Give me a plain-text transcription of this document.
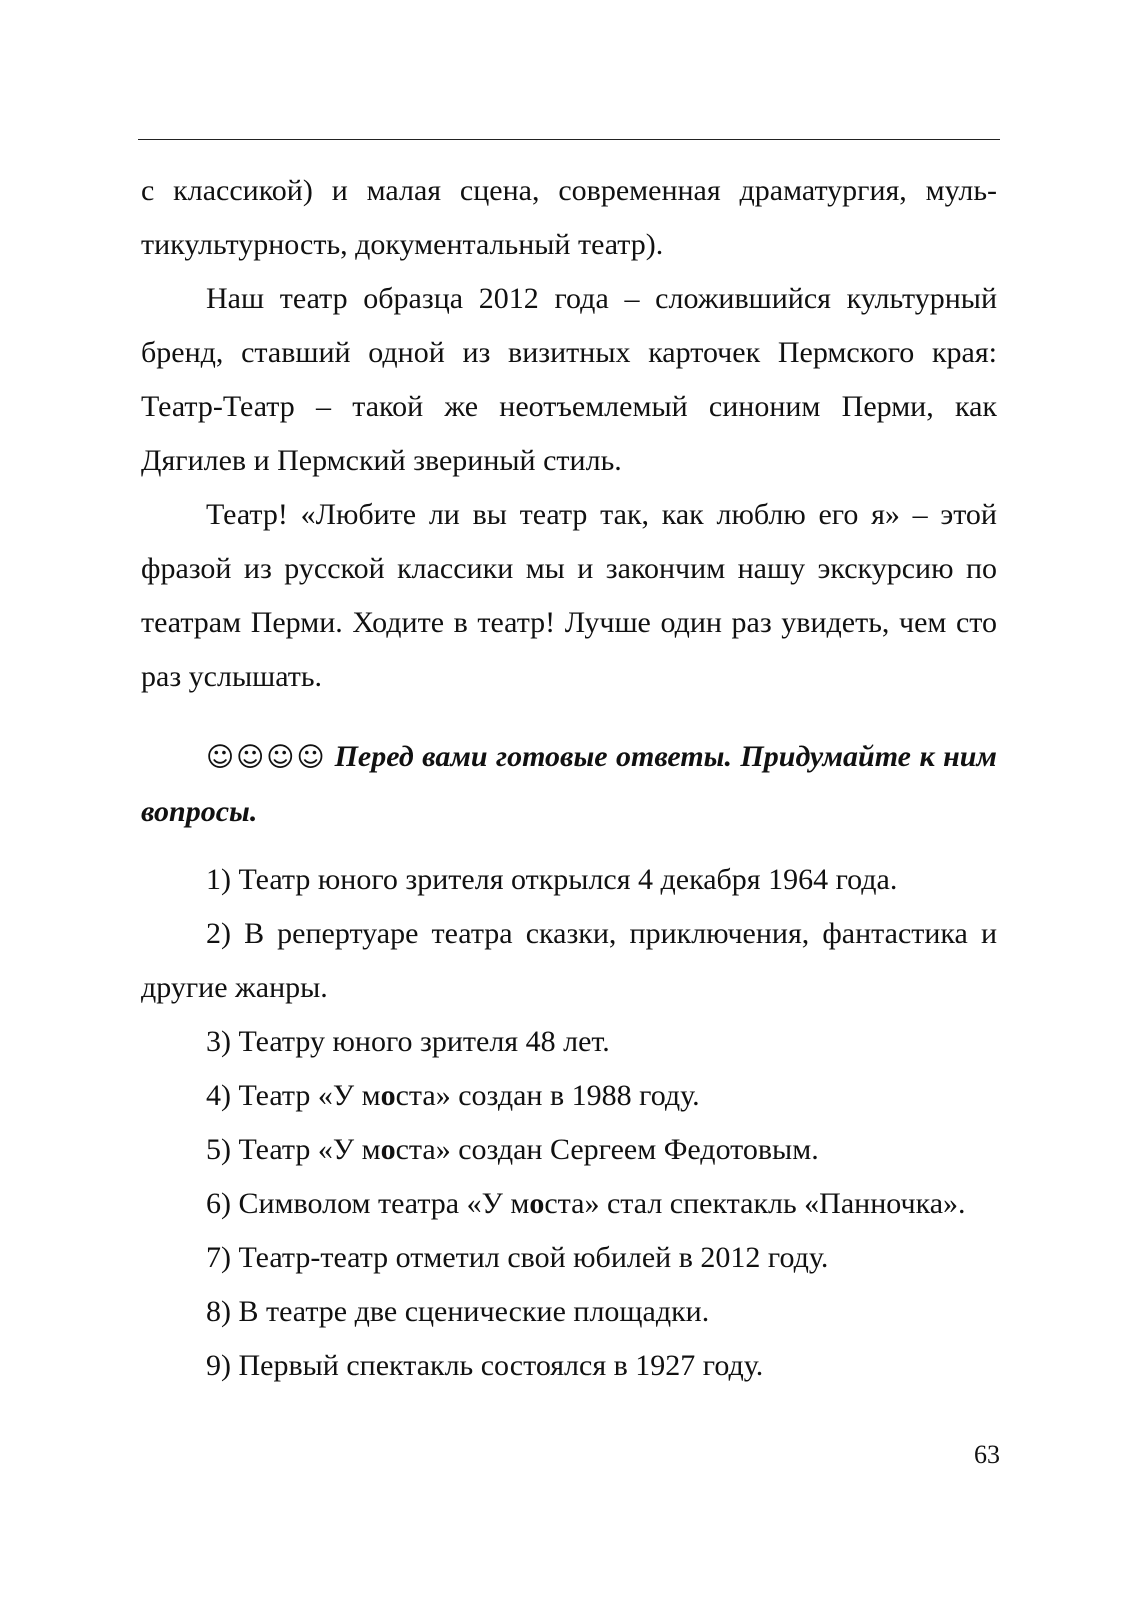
с классикой) и малая сцена, современная драматургия, муль-

тикультурность, документальный театр).

Наш театр образца 2012 года – сложившийся культурный бренд, ставший одной из визитных карточек Пермского края: Театр-Театр – такой же неотъемлемый синоним Перми, как Дягилев и Пермский звериный стиль.

Театр! «Любите ли вы театр так, как люблю его я» – этой фразой из русской классики мы и закончим нашу экскурсию по театрам Перми. Ходите в театр! Лучше один раз увидеть, чем сто раз услышать.

☺☺☺☺ Перед вами готовые ответы. Придумайте к ним вопросы.

1) Театр юного зрителя открылся 4 декабря 1964 года.

2) В репертуаре театра сказки, приключения, фантастика и другие жанры.

3) Театру юного зрителя 48 лет.

4) Театр «У моста» создан в 1988 году.

5) Театр «У моста» создан Сергеем Федотовым.

6) Символом театра «У моста» стал спектакль «Панночка».

7) Театр-театр отметил свой юбилей в 2012 году.

8) В театре две сценические площадки.

9) Первый спектакль состоялся в 1927 году.

63
